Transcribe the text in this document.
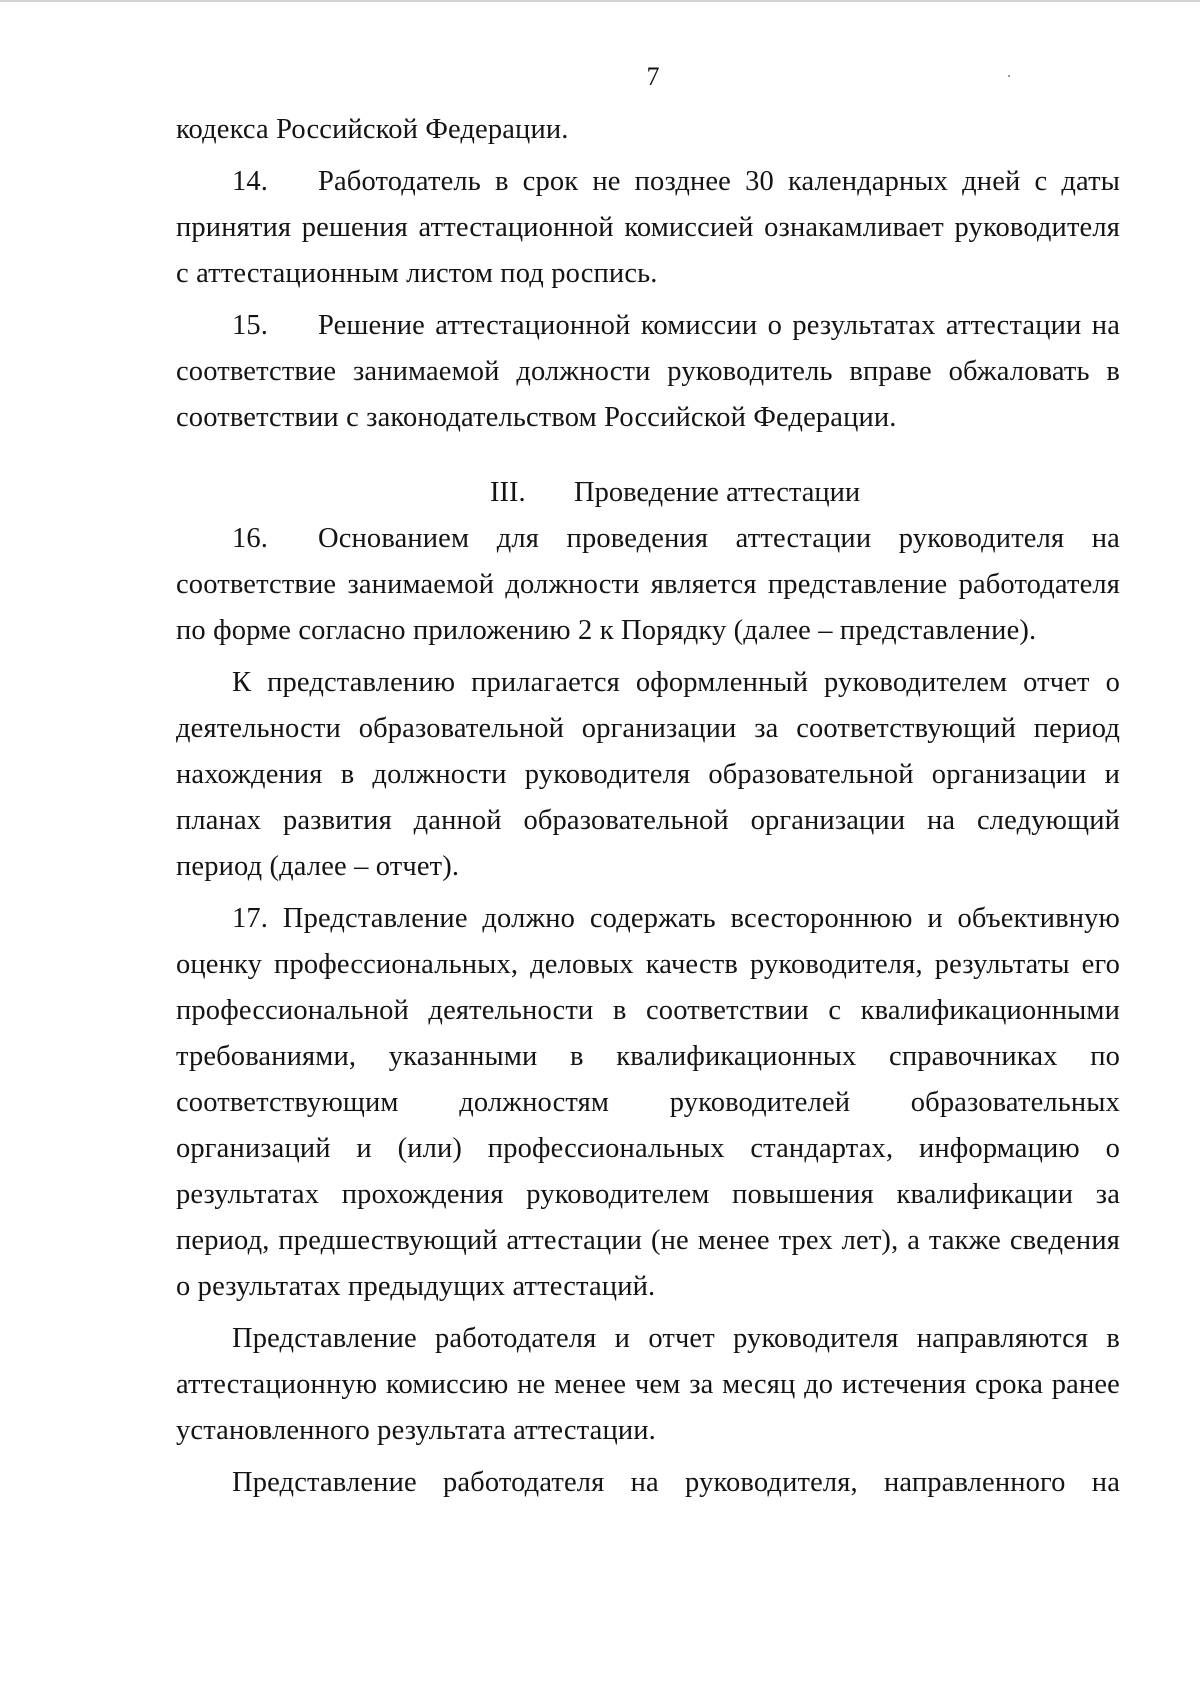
7

кодекса Российской Федерации.

14. Работодатель в срок не позднее 30 календарных дней с даты принятия решения аттестационной комиссией ознакамливает руководителя с аттестационным листом под роспись.

15. Решение аттестационной комиссии о результатах аттестации на соответствие занимаемой должности руководитель вправе обжаловать в соответствии с законодательством Российской Федерации.

III. Проведение аттестации

16. Основанием для проведения аттестации руководителя на соответствие занимаемой должности является представление работодателя по форме согласно приложению 2 к Порядку (далее – представление).

К представлению прилагается оформленный руководителем отчет о деятельности образовательной организации за соответствующий период нахождения в должности руководителя образовательной организации и планах развития данной образовательной организации на следующий период (далее – отчет).

17. Представление должно содержать всестороннюю и объективную оценку профессиональных, деловых качеств руководителя, результаты его профессиональной деятельности в соответствии с квалификационными требованиями, указанными в квалификационных справочниках по соответствующим должностям руководителей образовательных организаций и (или) профессиональных стандартах, информацию о результатах прохождения руководителем повышения квалификации за период, предшествующий аттестации (не менее трех лет), а также сведения о результатах предыдущих аттестаций.

Представление работодателя и отчет руководителя направляются в аттестационную комиссию не менее чем за месяц до истечения срока ранее установленного результата аттестации.

Представление работодателя на руководителя, направленного на
